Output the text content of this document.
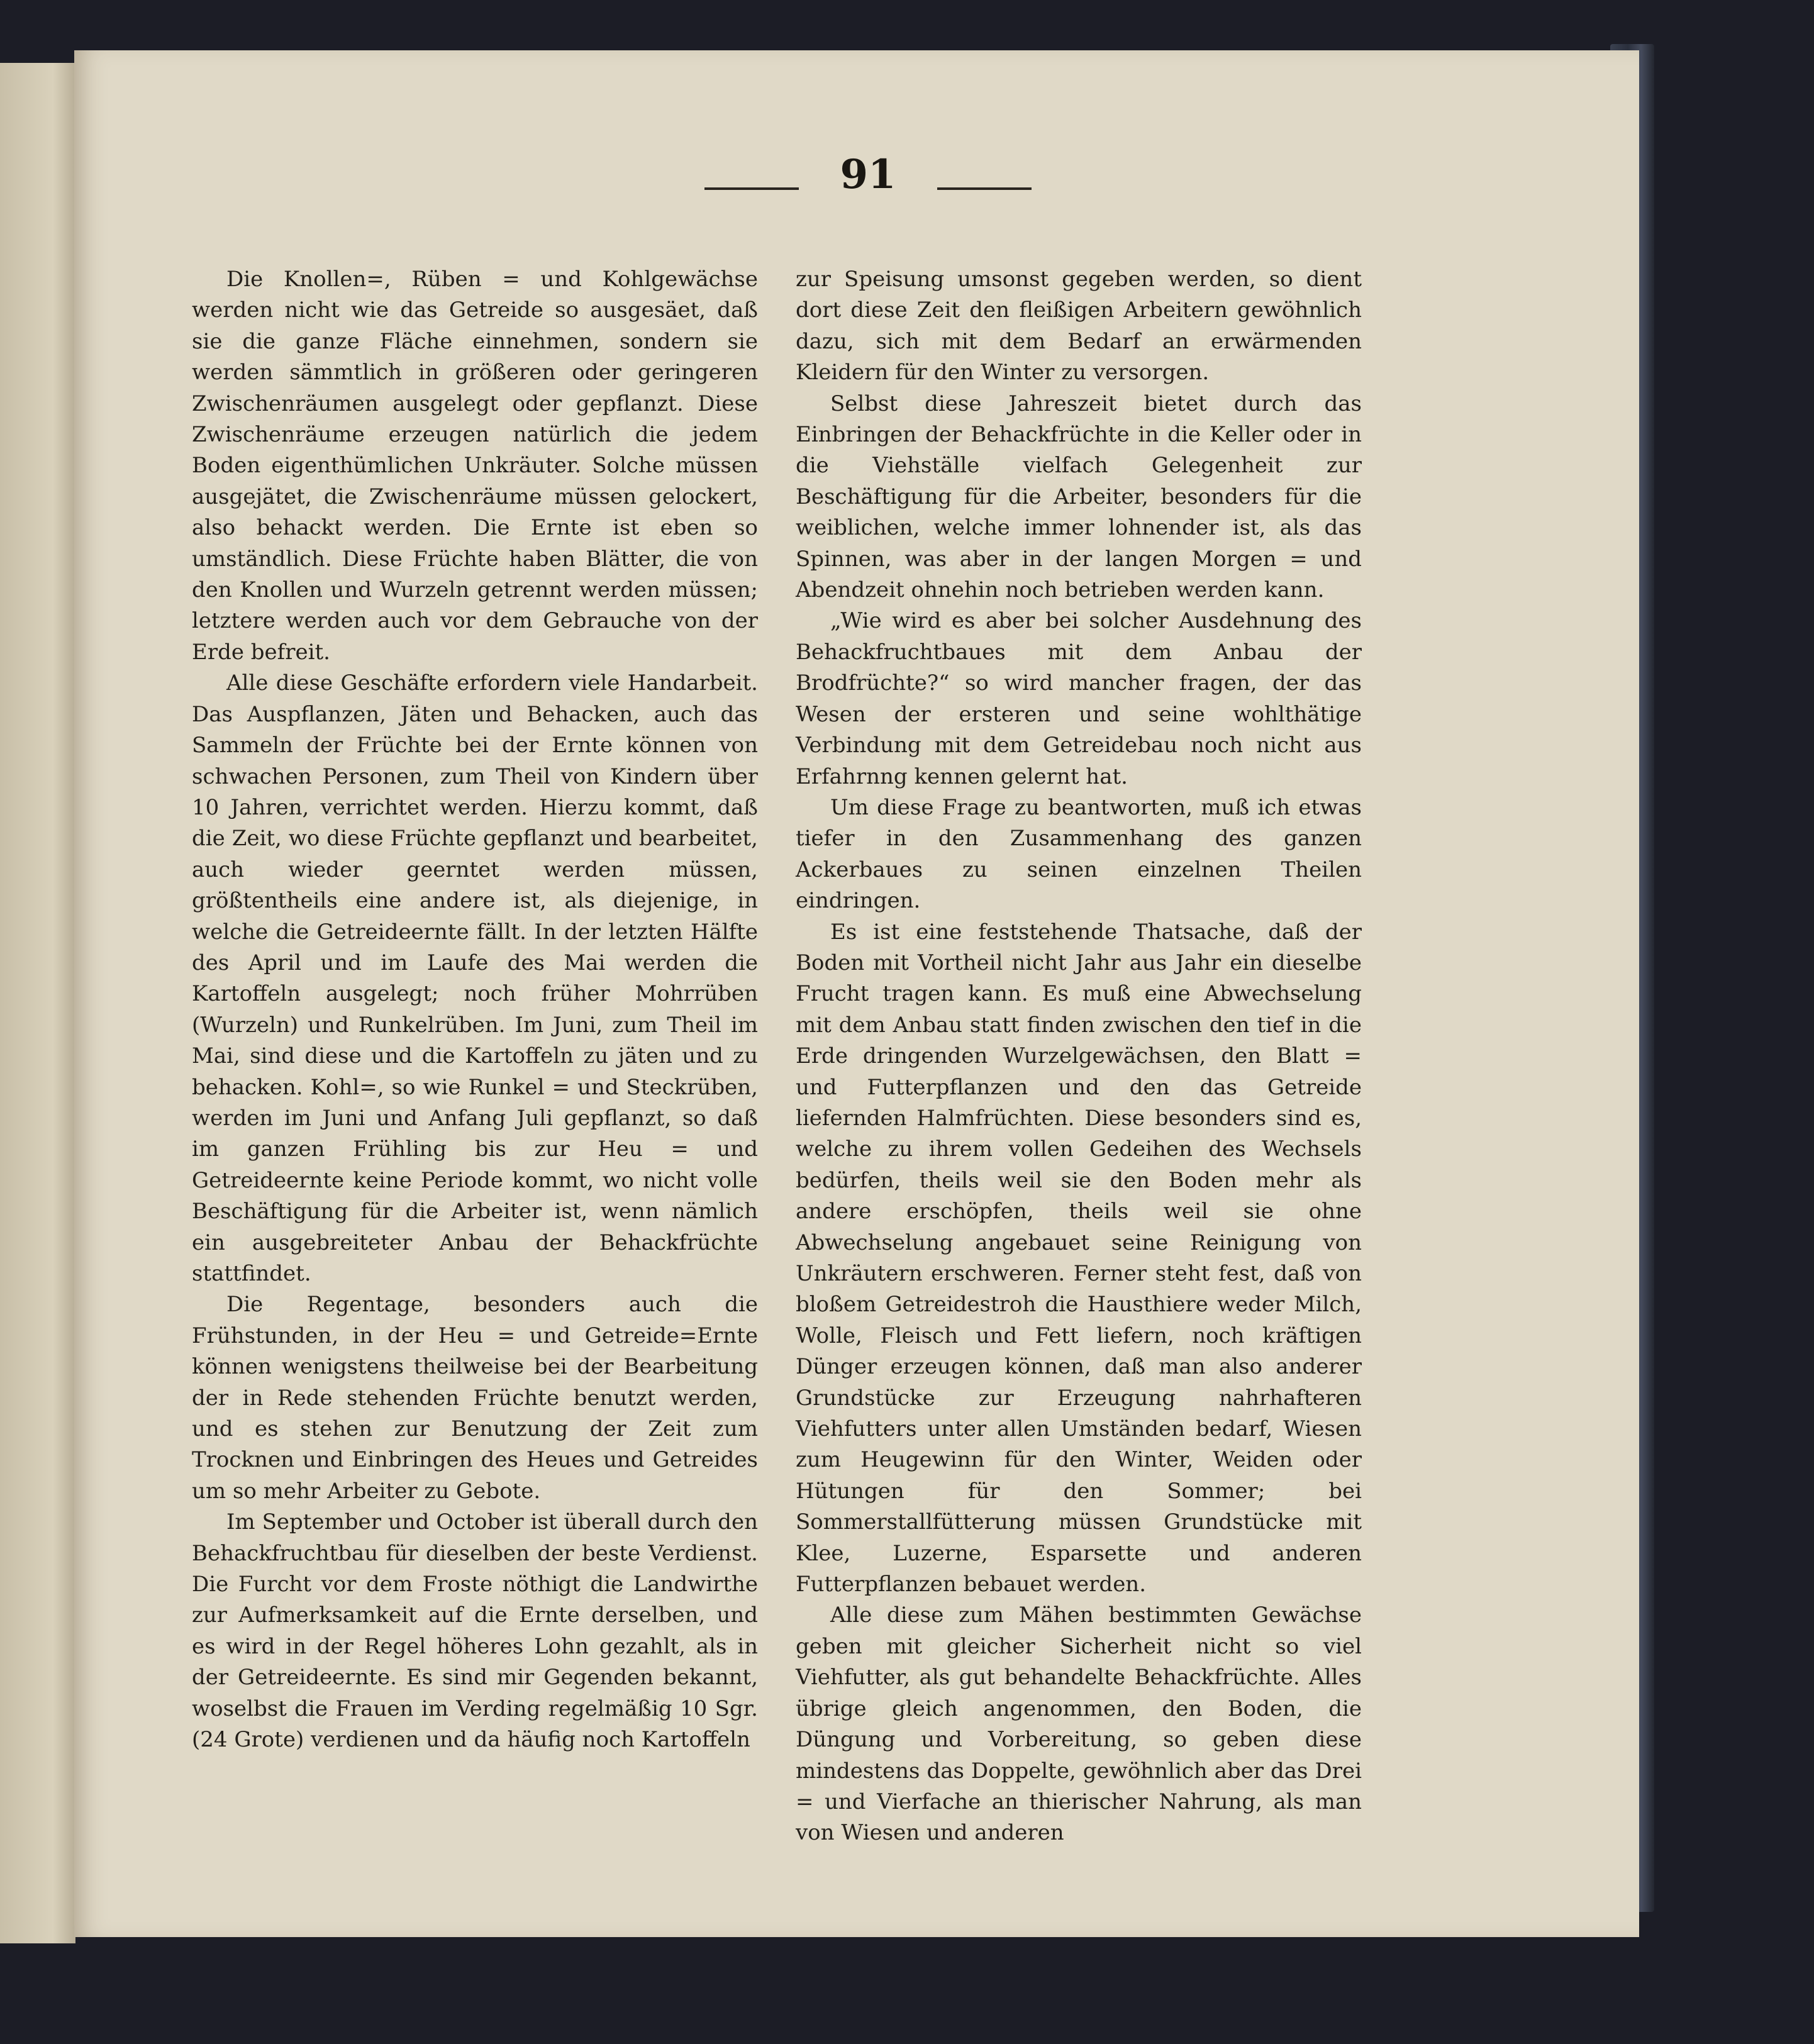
91

Die Knollen=, Rüben = und Kohlgewächse werden nicht wie das Getreide so ausgesäet, daß sie die ganze Fläche einnehmen, sondern sie werden sämmtlich in größeren oder geringeren Zwischenräumen ausgelegt oder gepflanzt. Diese Zwischenräume erzeugen natürlich die jedem Boden eigenthümlichen Unkräuter. Solche müssen ausgejätet, die Zwischenräume müssen gelockert, also behackt werden. Die Ernte ist eben so umständlich. Diese Früchte haben Blätter, die von den Knollen und Wurzeln getrennt werden müssen; letztere werden auch vor dem Gebrauche von der Erde befreit.

Alle diese Geschäfte erfordern viele Handarbeit. Das Auspflanzen, Jäten und Behacken, auch das Sammeln der Früchte bei der Ernte können von schwachen Personen, zum Theil von Kindern über 10 Jahren, verrichtet werden. Hierzu kommt, daß die Zeit, wo diese Früchte gepflanzt und bearbeitet, auch wieder geerntet werden müssen, größtentheils eine andere ist, als diejenige, in welche die Getreideernte fällt. In der letzten Hälfte des April und im Laufe des Mai werden die Kartoffeln ausgelegt; noch früher Mohrrüben (Wurzeln) und Runkelrüben. Im Juni, zum Theil im Mai, sind diese und die Kartoffeln zu jäten und zu behacken. Kohl=, so wie Runkel = und Steckrüben, werden im Juni und Anfang Juli gepflanzt, so daß im ganzen Frühling bis zur Heu = und Getreideernte keine Periode kommt, wo nicht volle Beschäftigung für die Arbeiter ist, wenn nämlich ein ausgebreiteter Anbau der Behackfrüchte stattfindet.

Die Regentage, besonders auch die Frühstunden, in der Heu = und Getreide=Ernte können wenigstens theilweise bei der Bearbeitung der in Rede stehenden Früchte benutzt werden, und es stehen zur Benutzung der Zeit zum Trocknen und Einbringen des Heues und Getreides um so mehr Arbeiter zu Gebote.

Im September und October ist überall durch den Behackfruchtbau für dieselben der beste Verdienst. Die Furcht vor dem Froste nöthigt die Landwirthe zur Aufmerksamkeit auf die Ernte derselben, und es wird in der Regel höheres Lohn gezahlt, als in der Getreideernte. Es sind mir Gegenden bekannt, woselbst die Frauen im Verding regelmäßig 10 Sgr. (24 Grote) verdienen und da häufig noch Kartoffeln

zur Speisung umsonst gegeben werden, so dient dort diese Zeit den fleißigen Arbeitern gewöhnlich dazu, sich mit dem Bedarf an erwärmenden Kleidern für den Winter zu versorgen.

Selbst diese Jahreszeit bietet durch das Einbringen der Behackfrüchte in die Keller oder in die Viehställe vielfach Gelegenheit zur Beschäftigung für die Arbeiter, besonders für die weiblichen, welche immer lohnender ist, als das Spinnen, was aber in der langen Morgen = und Abendzeit ohnehin noch betrieben werden kann.

„Wie wird es aber bei solcher Ausdehnung des Behackfruchtbaues mit dem Anbau der Brodfrüchte?“ so wird mancher fragen, der das Wesen der ersteren und seine wohlthätige Verbindung mit dem Getreidebau noch nicht aus Erfahrnng kennen gelernt hat.

Um diese Frage zu beantworten, muß ich etwas tiefer in den Zusammenhang des ganzen Ackerbaues zu seinen einzelnen Theilen eindringen.

Es ist eine feststehende Thatsache, daß der Boden mit Vortheil nicht Jahr aus Jahr ein dieselbe Frucht tragen kann. Es muß eine Abwechselung mit dem Anbau statt finden zwischen den tief in die Erde dringenden Wurzelgewächsen, den Blatt = und Futterpflanzen und den das Getreide liefernden Halmfrüchten. Diese besonders sind es, welche zu ihrem vollen Gedeihen des Wechsels bedürfen, theils weil sie den Boden mehr als andere erschöpfen, theils weil sie ohne Abwechselung angebauet seine Reinigung von Unkräutern erschweren. Ferner steht fest, daß von bloßem Getreidestroh die Hausthiere weder Milch, Wolle, Fleisch und Fett liefern, noch kräftigen Dünger erzeugen können, daß man also anderer Grundstücke zur Erzeugung nahrhafteren Viehfutters unter allen Umständen bedarf, Wiesen zum Heugewinn für den Winter, Weiden oder Hütungen für den Sommer; bei Sommerstallfütterung müssen Grundstücke mit Klee, Luzerne, Esparsette und anderen Futterpflanzen bebauet werden.

Alle diese zum Mähen bestimmten Gewächse geben mit gleicher Sicherheit nicht so viel Viehfutter, als gut behandelte Behackfrüchte. Alles übrige gleich angenommen, den Boden, die Düngung und Vorbereitung, so geben diese mindestens das Doppelte, gewöhnlich aber das Drei = und Vierfache an thierischer Nahrung, als man von Wiesen und anderen
